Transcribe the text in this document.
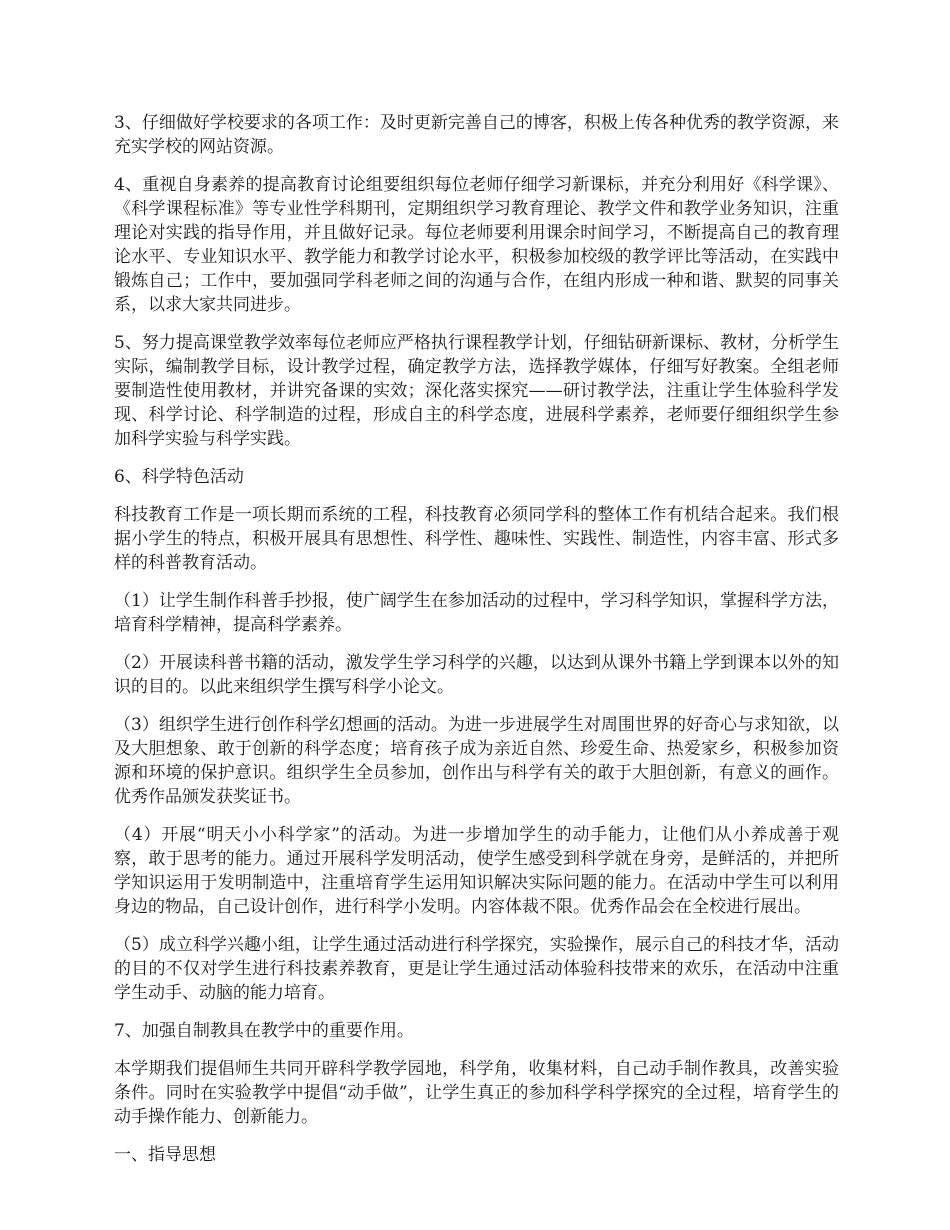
3、仔细做好学校要求的各项工作：及时更新完善自己的博客，积极上传各种优秀的教学资源，来充实学校的网站资源。

4、重视自身素养的提高教育讨论组要组织每位老师仔细学习新课标，并充分利用好《科学课》、《科学课程标准》等专业性学科期刊，定期组织学习教育理论、教学文件和教学业务知识，注重理论对实践的指导作用，并且做好记录。每位老师要利用课余时间学习，不断提高自己的教育理论水平、专业知识水平、教学能力和教学讨论水平，积极参加校级的教学评比等活动，在实践中锻炼自己；工作中，要加强同学科老师之间的沟通与合作，在组内形成一种和谐、默契的同事关系，以求大家共同进步。

5、努力提高课堂教学效率每位老师应严格执行课程教学计划，仔细钻研新课标、教材，分析学生实际，编制教学目标，设计教学过程，确定教学方法，选择教学媒体，仔细写好教案。全组老师要制造性使用教材，并讲究备课的实效；深化落实探究——研讨教学法，注重让学生体验科学发现、科学讨论、科学制造的过程，形成自主的科学态度，进展科学素养，老师要仔细组织学生参加科学实验与科学实践。

6、科学特色活动

科技教育工作是一项长期而系统的工程，科技教育必须同学科的整体工作有机结合起来。我们根据小学生的特点，积极开展具有思想性、科学性、趣味性、实践性、制造性，内容丰富、形式多样的科普教育活动。

（1）让学生制作科普手抄报，使广阔学生在参加活动的过程中，学习科学知识，掌握科学方法，培育科学精神，提高科学素养。

（2）开展读科普书籍的活动，激发学生学习科学的兴趣，以达到从课外书籍上学到课本以外的知识的目的。以此来组织学生撰写科学小论文。

（3）组织学生进行创作科学幻想画的活动。为进一步进展学生对周围世界的好奇心与求知欲，以及大胆想象、敢于创新的科学态度；培育孩子成为亲近自然、珍爱生命、热爱家乡，积极参加资源和环境的保护意识。组织学生全员参加，创作出与科学有关的敢于大胆创新，有意义的画作。优秀作品颁发获奖证书。

（4）开展“明天小小科学家”的活动。为进一步增加学生的动手能力，让他们从小养成善于观察，敢于思考的能力。通过开展科学发明活动，使学生感受到科学就在身旁，是鲜活的，并把所学知识运用于发明制造中，注重培育学生运用知识解决实际问题的能力。在活动中学生可以利用身边的物品，自己设计创作，进行科学小发明。内容体裁不限。优秀作品会在全校进行展出。

（5）成立科学兴趣小组，让学生通过活动进行科学探究，实验操作，展示自己的科技才华，活动的目的不仅对学生进行科技素养教育，更是让学生通过活动体验科技带来的欢乐，在活动中注重学生动手、动脑的能力培育。

7、加强自制教具在教学中的重要作用。

本学期我们提倡师生共同开辟科学教学园地，科学角，收集材料，自己动手制作教具，改善实验条件。同时在实验教学中提倡“动手做”，让学生真正的参加科学科学探究的全过程，培育学生的动手操作能力、创新能力。

一、指导思想
